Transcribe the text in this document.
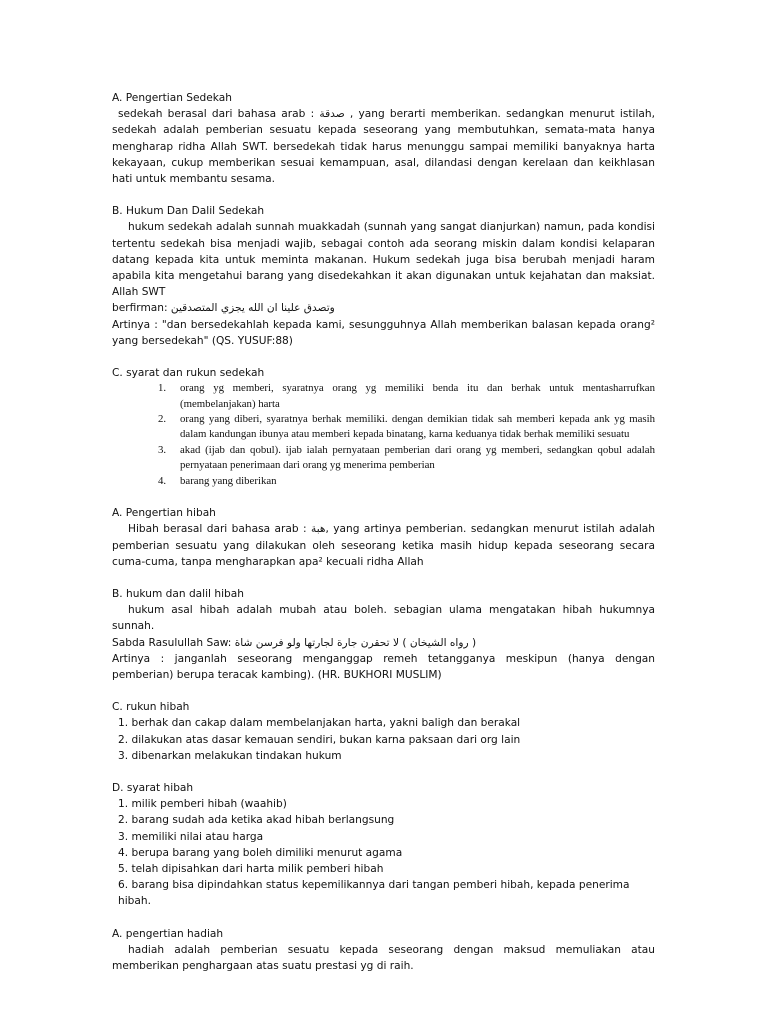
A. Pengertian Sedekah

sedekah berasal dari bahasa arab : صدقة , yang berarti memberikan. sedangkan menurut istilah, sedekah adalah pemberian sesuatu kepada seseorang yang membutuhkan, semata-mata hanya mengharap ridha Allah SWT. bersedekah tidak harus menunggu sampai memiliki banyaknya harta kekayaan, cukup memberikan sesuai kemampuan, asal, dilandasi dengan kerelaan dan keikhlasan hati untuk membantu sesama.

B. Hukum Dan Dalil Sedekah

hukum sedekah adalah sunnah muakkadah (sunnah yang sangat dianjurkan) namun, pada kondisi tertentu sedekah bisa menjadi wajib, sebagai contoh ada seorang miskin dalam kondisi kelaparan datang kepada kita untuk meminta makanan. Hukum sedekah juga bisa berubah menjadi haram apabila kita mengetahui barang yang disedekahkan it akan digunakan untuk kejahatan dan maksiat. Allah SWT

berfirman: وتصدق علينا ان الله يجزي المتصدقين

Artinya : "dan bersedekahlah kepada kami, sesungguhnya Allah memberikan balasan kepada orang² yang bersedekah" (QS. YUSUF:88)

C. syarat dan rukun sedekah

1. orang yg memberi, syaratnya orang yg memiliki benda itu dan berhak untuk mentasharrufkan (membelanjakan) harta
2. orang yang diberi, syaratnya berhak memiliki. dengan demikian tidak sah memberi kepada ank yg masih dalam kandungan ibunya atau memberi kepada binatang, karna keduanya tidak berhak memiliki sesuatu
3. akad (ijab dan qobul). ijab ialah pernyataan pemberian dari orang yg memberi, sedangkan qobul adalah pernyataan penerimaan dari orang yg menerima pemberian
4. barang yang diberikan

A. Pengertian hibah

Hibah berasal dari bahasa arab : هبة, yang artinya pemberian. sedangkan menurut istilah adalah pemberian sesuatu yang dilakukan oleh seseorang ketika masih hidup kepada seseorang secara cuma-cuma, tanpa mengharapkan apa² kecuali ridha Allah

B. hukum dan dalil hibah

hukum asal hibah adalah mubah atau boleh. sebagian ulama mengatakan hibah hukumnya sunnah.

Sabda Rasulullah Saw: ( رواه الشيخان ) لا تحقرن جارة لجارتها ولو فرسن شاة

Artinya : janganlah seseorang menganggap remeh tetangganya meskipun (hanya dengan pemberian) berupa teracak kambing). (HR. BUKHORI MUSLIM)

C. rukun hibah

1. berhak dan cakap dalam membelanjakan harta, yakni baligh dan berakal
2. dilakukan atas dasar kemauan sendiri, bukan karna paksaan dari org lain
3. dibenarkan melakukan tindakan hukum

D. syarat hibah

1. milik pemberi hibah (waahib)
2. barang sudah ada ketika akad hibah berlangsung
3. memiliki nilai atau harga
4. berupa barang yang boleh dimiliki menurut agama
5. telah dipisahkan dari harta milik pemberi hibah
6. barang bisa dipindahkan status kepemilikannya dari tangan pemberi hibah, kepada penerima hibah.

A. pengertian hadiah

hadiah adalah pemberian sesuatu kepada seseorang dengan maksud memuliakan atau memberikan penghargaan atas suatu prestasi yg di raih.
